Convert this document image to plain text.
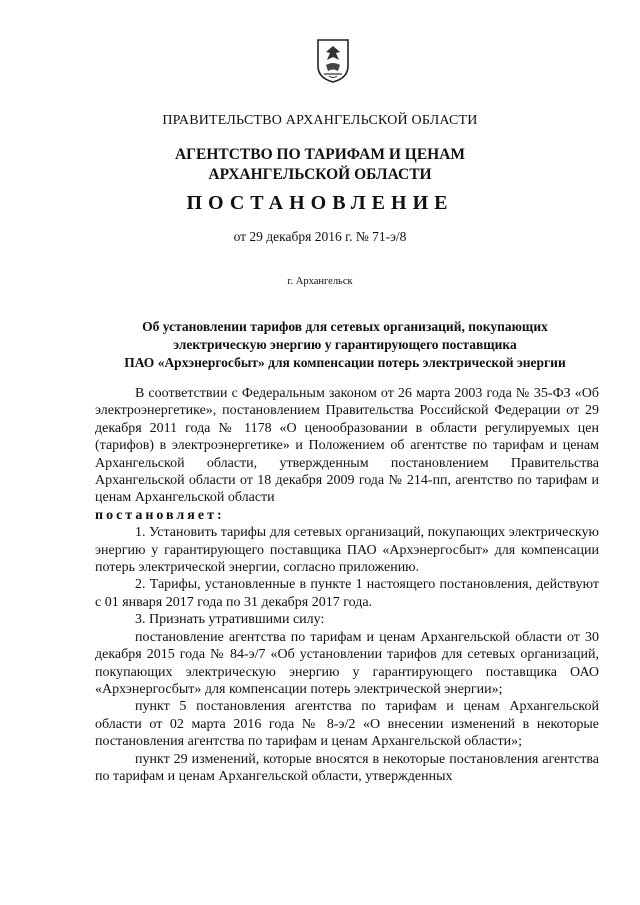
ПРАВИТЕЛЬСТВО АРХАНГЕЛЬСКОЙ ОБЛАСТИ
АГЕНТСТВО ПО ТАРИФАМ И ЦЕНАМ
АРХАНГЕЛЬСКОЙ ОБЛАСТИ
ПОСТАНОВЛЕНИЕ
от 29 декабря 2016 г. № 71-э/8
г. Архангельск
Об установлении тарифов для сетевых организаций, покупающих
электрическую энергию у гарантирующего поставщика
ПАО «Архэнергосбыт» для компенсации потерь электрической энергии

В соответствии с Федеральным законом от 26 марта 2003 года № 35-ФЗ «Об электроэнергетике», постановлением Правительства Российской Федерации от 29 декабря 2011 года № 1178 «О ценообразовании в области регулируемых цен (тарифов) в электроэнергетике» и Положением об агентстве по тарифам и ценам Архангельской области, утвержденным постановлением Правительства Архангельской области от 18 декабря 2009 года № 214-пп, агентство по тарифам и ценам Архангельской области

постановляет:

1. Установить тарифы для сетевых организаций, покупающих электрическую энергию у гарантирующего поставщика ПАО «Архэнергосбыт» для компенсации потерь электрической энергии, согласно приложению.

2. Тарифы, установленные в пункте 1 настоящего постановления, действуют с 01 января 2017 года по 31 декабря 2017 года.

3. Признать утратившими силу:

постановление агентства по тарифам и ценам Архангельской области от 30 декабря 2015 года № 84-э/7 «Об установлении тарифов для сетевых организаций, покупающих электрическую энергию у гарантирующего поставщика ОАО «Архэнергосбыт» для компенсации потерь электрической энергии»;

пункт 5 постановления агентства по тарифам и ценам Архангельской области от 02 марта 2016 года № 8-э/2 «О внесении изменений в некоторые постановления агентства по тарифам и ценам Архангельской области»;

пункт 29 изменений, которые вносятся в некоторые постановления агентства по тарифам и ценам Архангельской области, утвержденных
